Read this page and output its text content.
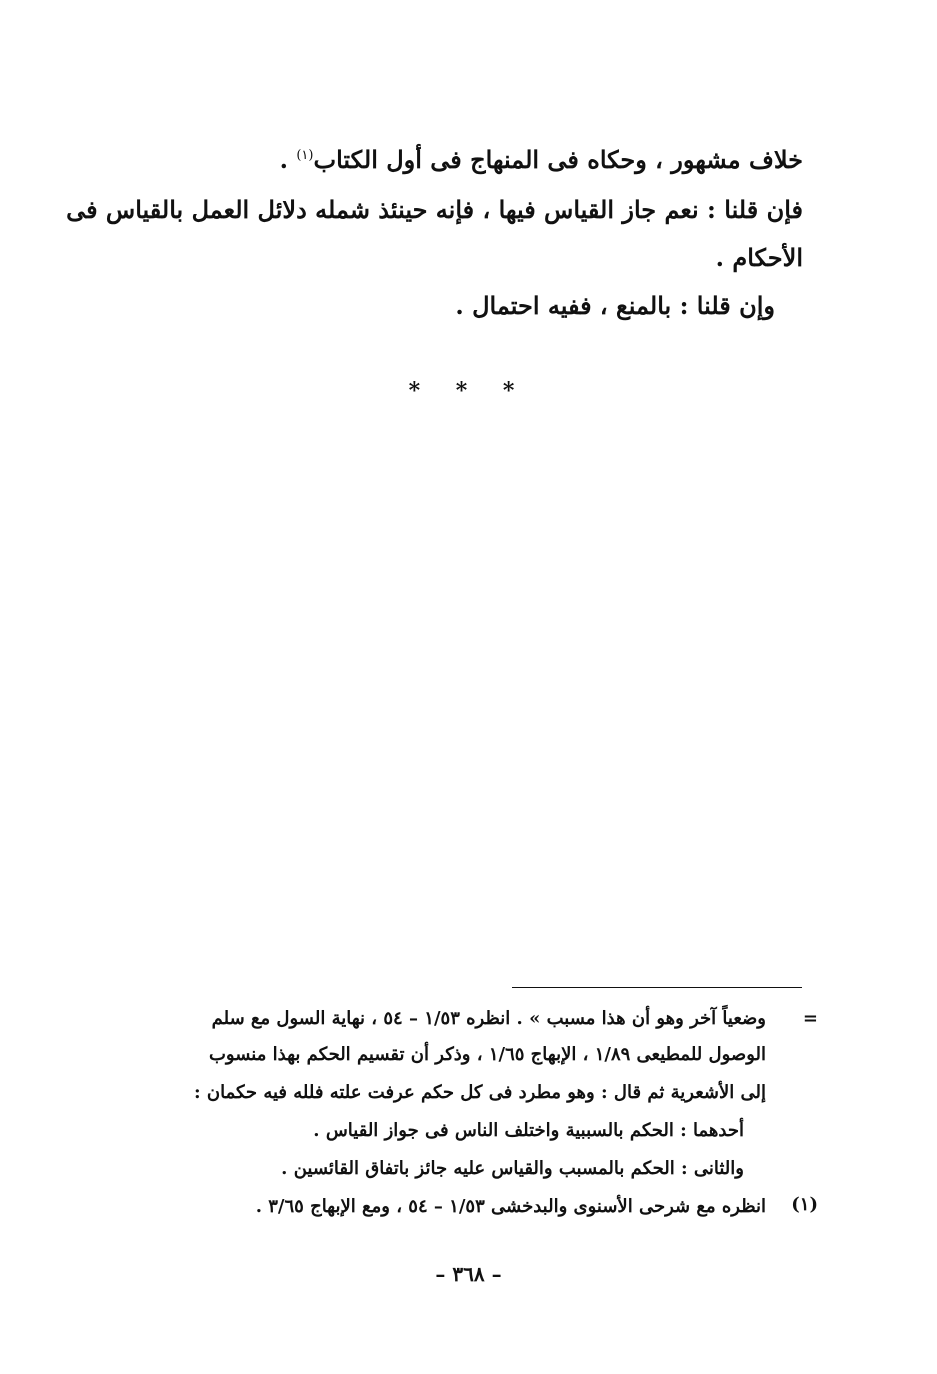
خلاف مشهور ، وحكاه فى المنهاج فى أول الكتاب$^{(١)}$ .
فإن قلنا : نعم جاز القياس فيها ، فإنه حينئذ شمله دلائل العمل بالقياس فى
الأحكام .
وإن قلنا : بالمنع ، ففيه احتمال .
* * *
=
وضعياً آخر وهو أن هذا مسبب » . انظره ١/٥٣ – ٥٤ ، نهاية السول مع سلم
الوصول للمطيعى ١/٨٩ ، الإبهاج ١/٦٥ ، وذكر أن تقسيم الحكم بهذا منسوب
إلى الأشعرية ثم قال : وهو مطرد فى كل حكم عرفت علته فلله فيه حكمان :
أحدهما : الحكم بالسببية واختلف الناس فى جواز القياس .
والثانى : الحكم بالمسبب والقياس عليه جائز باتفاق القائسين .
(١)
انظره مع شرحى الأسنوى والبدخشى ١/٥٣ – ٥٤ ، ومع الإبهاج ٣/٦٥ .
– ٣٦٨ –
